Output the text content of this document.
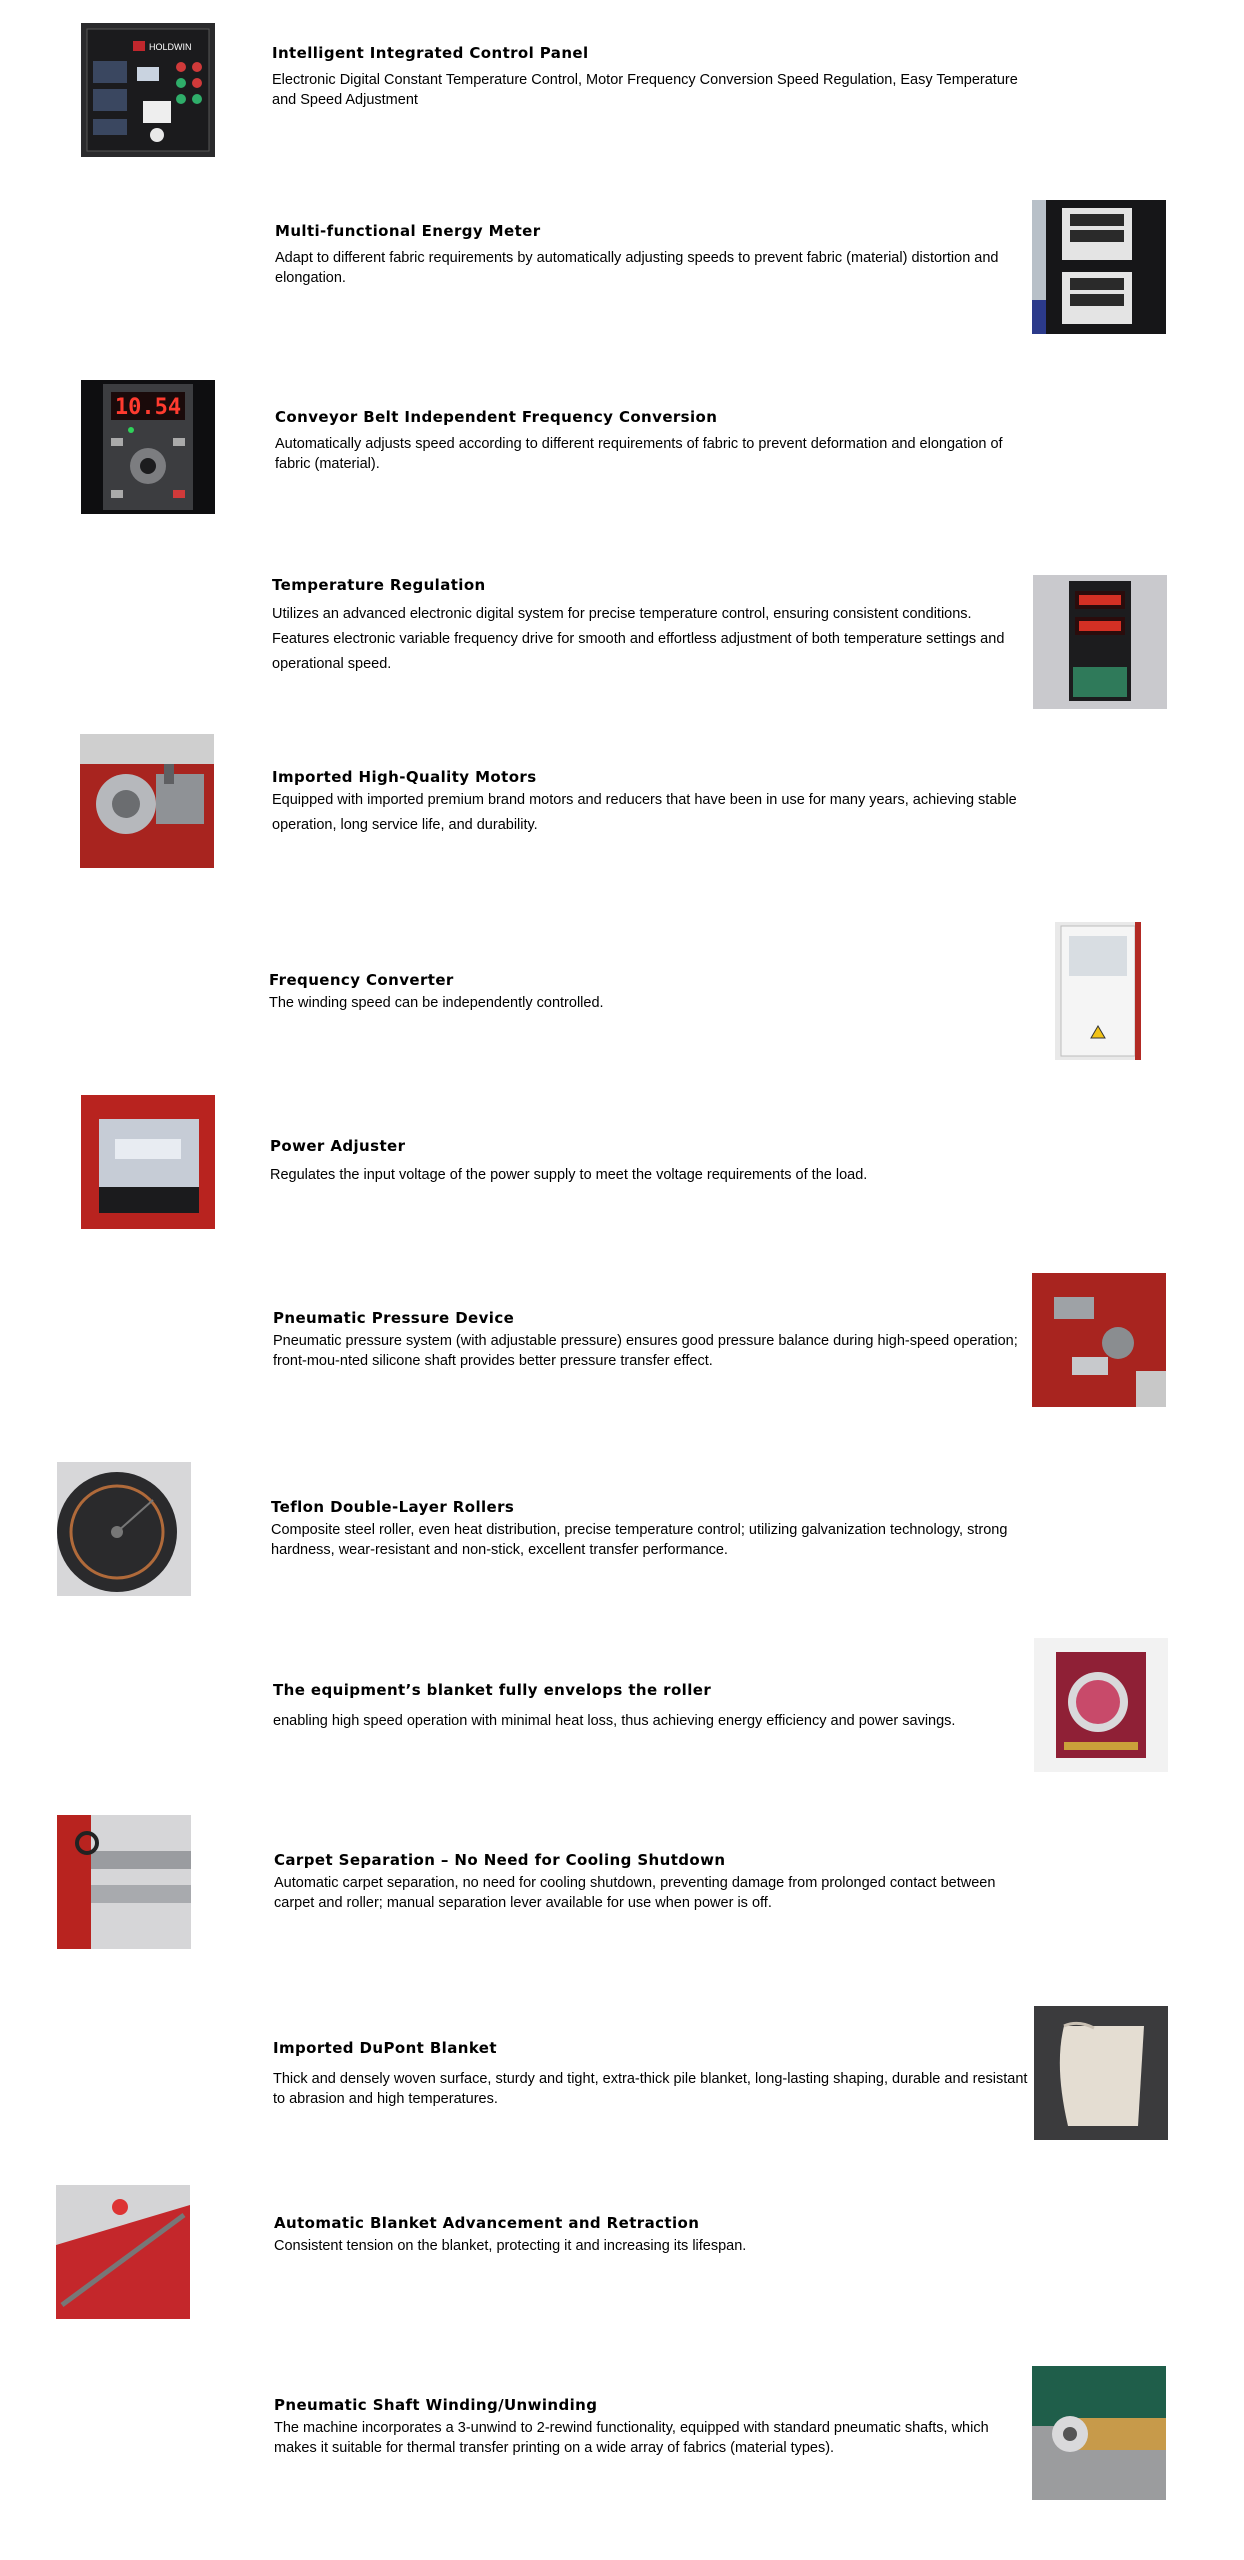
HOLDWIN	Intelligent Integrated Control Panel

Electronic Digital Constant Temperature Control, Motor Frequency Conversion Speed Regulation, Easy Temperature and Speed Adjustment

Multi-functional Energy Meter

Adapt to different fabric requirements by automatically adjusting speeds to prevent fabric (material) distortion and elongation.

10.54	Conveyor Belt Independent Frequency Conversion

Automatically adjusts speed according to different requirements of fabric to prevent deformation and elongation of fabric (material).

Temperature Regulation

Utilizes an advanced electronic digital system for precise temperature control, ensuring consistent conditions. Features electronic variable frequency drive for smooth and effortless adjustment of both temperature settings and operational speed.

Imported High-Quality Motors

Equipped with imported premium brand motors and reducers that have been in use for many years, achieving stable operation, long service life, and durability.

Frequency Converter

The winding speed can be independently controlled.

Power Adjuster

Regulates the input voltage of the power supply to meet the voltage requirements of the load.

Pneumatic Pressure Device

Pneumatic pressure system (with adjustable pressure) ensures good pressure balance during high-speed operation; front-mou-nted silicone shaft provides better pressure transfer effect.

Teflon Double-Layer Rollers

Composite steel roller, even heat distribution, precise temperature control; utilizing galvanization technology, strong hardness, wear-resistant and non-stick, excellent transfer performance.

The equipment’s blanket fully envelops the roller

enabling high speed operation with minimal heat loss, thus achieving energy efficiency and power savings.

Carpet Separation – No Need for Cooling Shutdown

Automatic carpet separation, no need for cooling shutdown, preventing damage from prolonged contact between carpet and roller; manual separation lever available for use when power is off.

Imported DuPont Blanket

Thick and densely woven surface, sturdy and tight, extra-thick pile blanket, long-lasting shaping, durable and resistant to abrasion and high temperatures.

Automatic Blanket Advancement and Retraction

Consistent tension on the blanket, protecting it and increasing its lifespan.

Pneumatic Shaft Winding/Unwinding

The machine incorporates a 3-unwind to 2-rewind functionality, equipped with standard pneumatic shafts, which makes it suitable for thermal transfer printing on a wide array of fabrics (material types).
